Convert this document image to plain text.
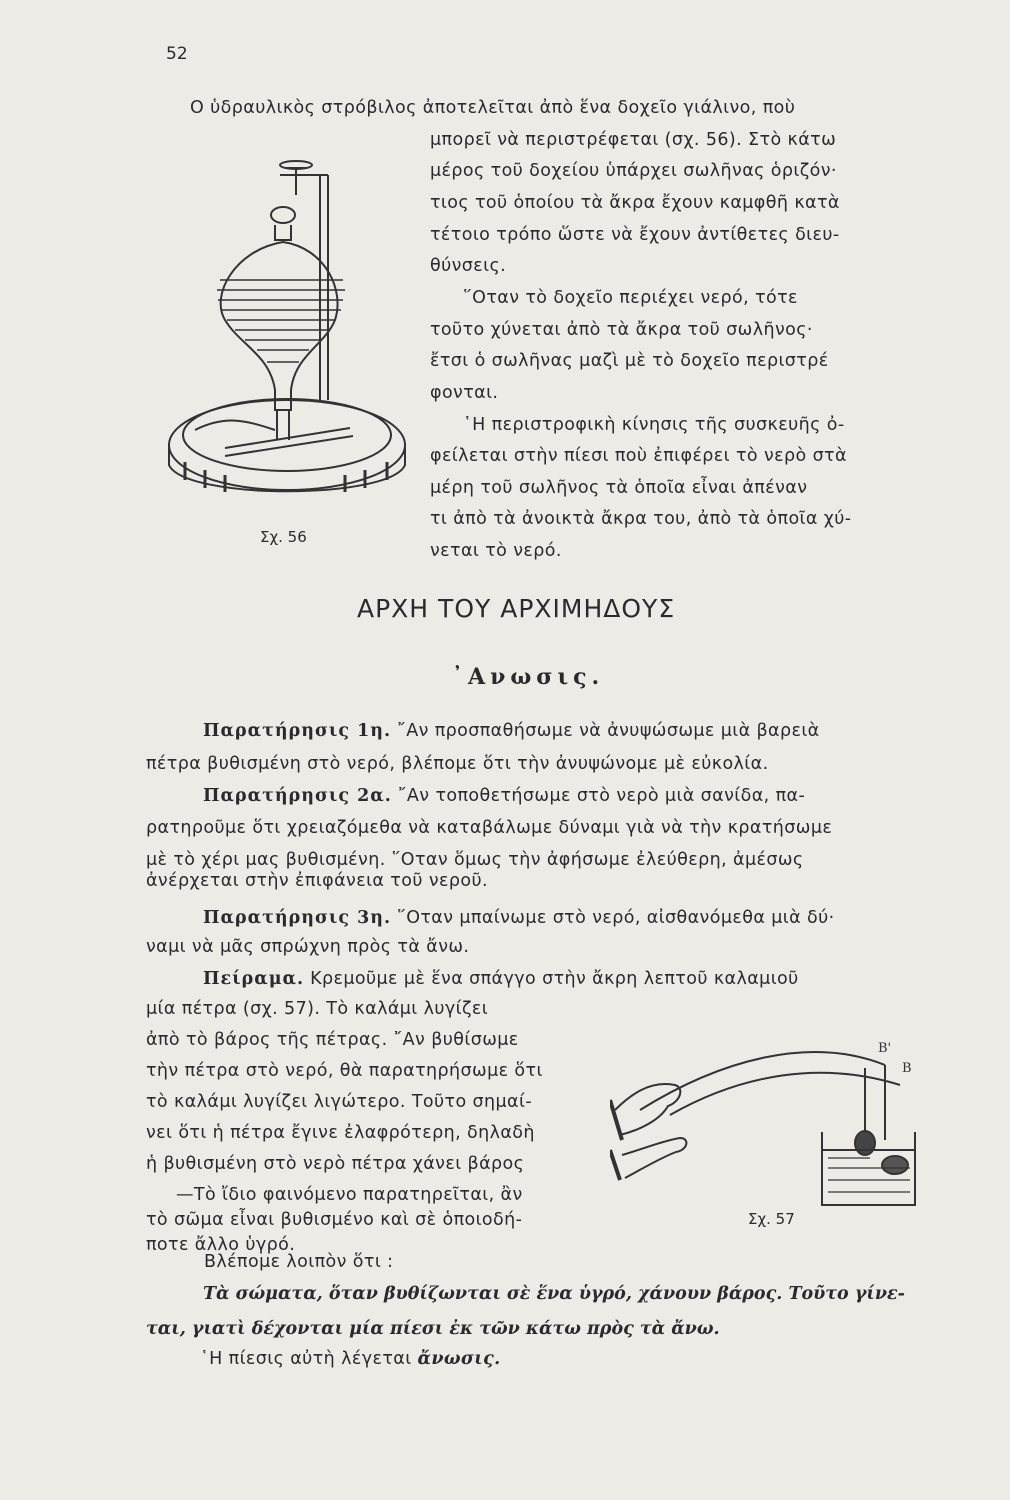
52
Ο ὑδραυλικὸς στρόβιλος ἀποτελεῖται ἀπὸ ἕνα δοχεῖο γιάλινο, ποὺ
μπορεῖ νὰ περιστρέφεται (σχ. 56). Στὸ κάτω
μέρος τοῦ δοχείου ὑπάρχει σωλῆνας ὁριζόν·
τιος τοῦ ὁποίου τὰ ἄκρα ἔχουν καμφθῆ κατὰ
τέτοιο τρόπο ὥστε νὰ ἔχουν ἀντίθετες διευ-
θύνσεις.
῞Οταν τὸ δοχεῖο περιέχει νερό, τότε
τοῦτο χύνεται ἀπὸ τὰ ἄκρα τοῦ σωλῆνος·
ἔτσι ὁ σωλῆνας μαζὶ μὲ τὸ δοχεῖο περιστρέ
φονται.
῾Η περιστροφικὴ κίνησις τῆς συσκευῆς ὀ-
φείλεται στὴν πίεσι ποὺ ἐπιφέρει τὸ νερὸ στὰ
μέρη τοῦ σωλῆνος τὰ ὁποῖα εἶναι ἀπέναν
τι ἀπὸ τὰ ἀνοικτὰ ἄκρα του, ἀπὸ τὰ ὁποῖα χύ-
νεται τὸ νερό.
Σχ. 56
ΑΡΧΗ ΤΟΥ ΑΡΧΙΜΗΔΟΥΣ
᾿Ανωσις.
Παρατήρησις 1η. ῎Αν προσπαθήσωμε νὰ ἀνυψώσωμε μιὰ βαρειὰ
πέτρα βυθισμένη στὸ νερό, βλέπομε ὅτι τὴν ἀνυψώνομε μὲ εὐκολία.
Παρατήρησις 2α. ῎Αν τοποθετήσωμε στὸ νερὸ μιὰ σανίδα, πα-
ρατηροῦμε ὅτι χρειαζόμεθα νὰ καταβάλωμε δύναμι γιὰ νὰ τὴν κρατήσωμε
μὲ τὸ χέρι μας βυθισμένη. ῞Οταν ὅμως τὴν ἀφήσωμε ἐλεύθερη, ἀμέσως
ἀνέρχεται στὴν ἐπιφάνεια τοῦ νεροῦ.
Παρατήρησις 3η. ῞Οταν μπαίνωμε στὸ νερό, αἰσθανόμεθα μιὰ δύ·
ναμι νὰ μᾶς σπρώχνη πρὸς τὰ ἄνω.
Πείραμα. Κρεμοῦμε μὲ ἕνα σπάγγο στὴν ἄκρη λεπτοῦ καλαμιοῦ
μία πέτρα (σχ. 57). Τὸ καλάμι λυγίζει
ἀπὸ τὸ βάρος τῆς πέτρας. ῎Αν βυθίσωμε
τὴν πέτρα στὸ νερό, θὰ παρατηρήσωμε ὅτι
τὸ καλάμι λυγίζει λιγώτερο. Τοῦτο σημαί-
νει ὅτι ἡ πέτρα ἔγινε ἐλαφρότερη, δηλαδὴ
ἡ βυθισμένη στὸ νερὸ πέτρα χάνει βάρος
—Τὸ ἴδιο φαινόμενο παρατηρεῖται, ἂν
τὸ σῶμα εἶναι βυθισμένο καὶ σὲ ὁποιοδή-
ποτε ἄλλο ὑγρό.
Β'
Β
Σχ. 57
Βλέπομε λοιπὸν ὅτι :
Τὰ σώματα, ὅταν βυθίζωνται σὲ ἕνα ὑγρό, χάνουν βάρος. Τοῦτο γίνε-
ται, γιατὶ δέχονται μία πίεσι ἐκ τῶν κάτω πρὸς τὰ ἄνω.
῾Η πίεσις αὐτὴ λέγεται ἄνωσις.
